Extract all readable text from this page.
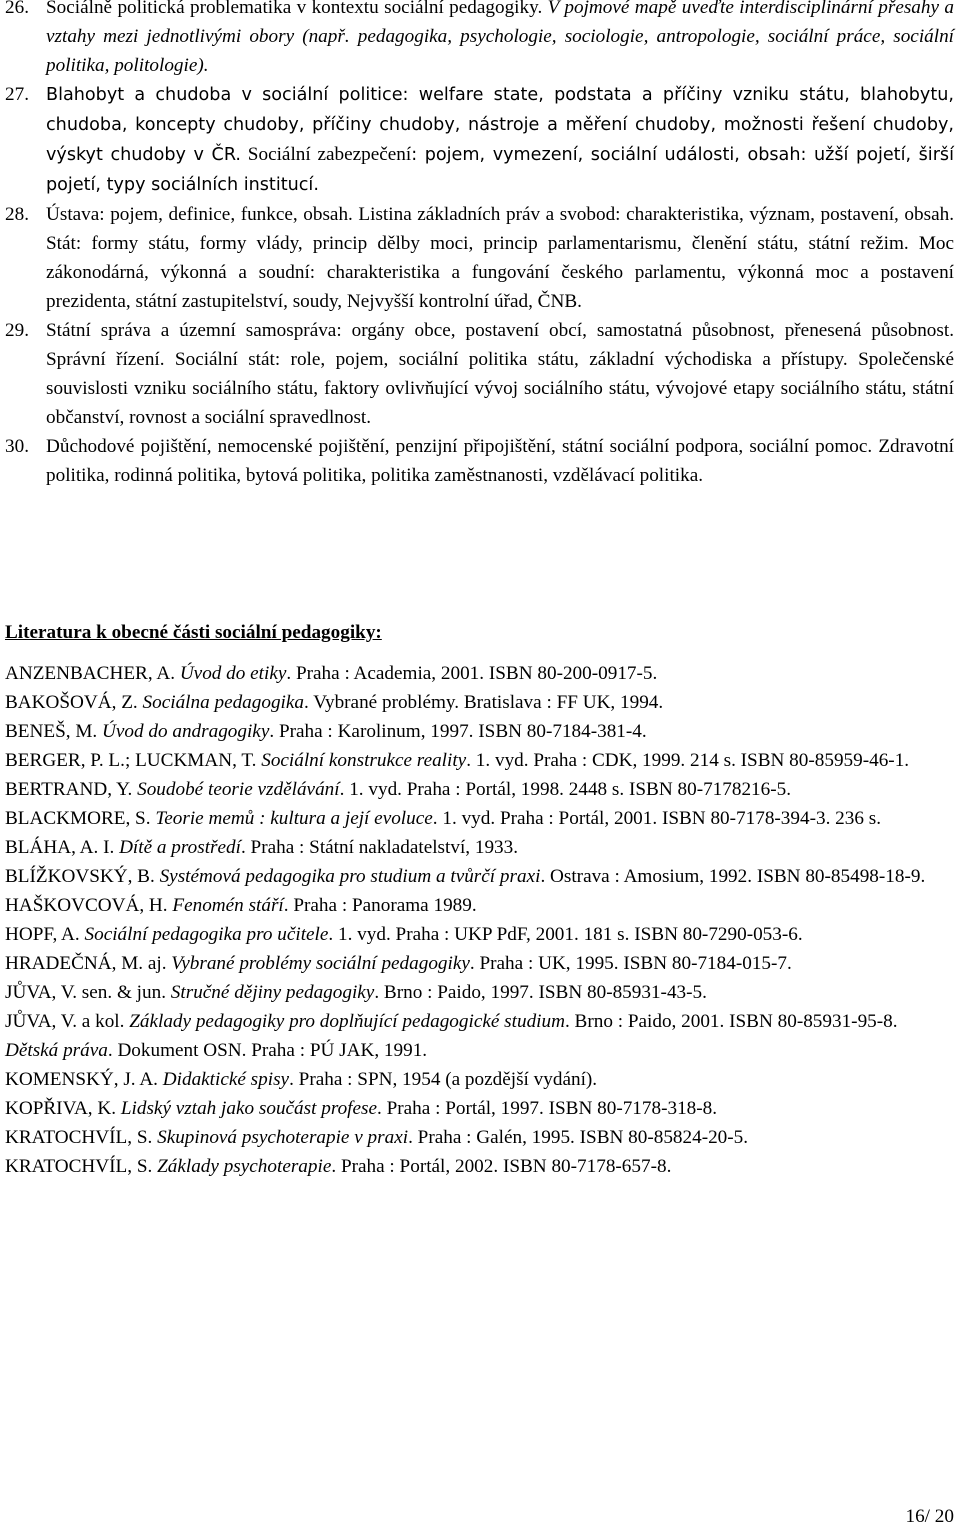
26. Sociálně politická problematika v kontextu sociální pedagogiky. V pojmové mapě uveďte interdisciplinární přesahy a vztahy mezi jednotlivými obory (např. pedagogika, psychologie, sociologie, antropologie, sociální práce, sociální politika, politologie).

27. Blahobyt a chudoba v sociální politice: welfare state, podstata a příčiny vzniku státu, blahobytu, chudoba, koncepty chudoby, příčiny chudoby, nástroje a měření chudoby, možnosti řešení chudoby, výskyt chudoby v ČR. Sociální zabezpečení: pojem, vymezení, sociální události, obsah: užší pojetí, širší pojetí, typy sociálních institucí.

28. Ústava: pojem, definice, funkce, obsah. Listina základních práv a svobod: charakteristika, význam, postavení, obsah. Stát: formy státu, formy vlády, princip dělby moci, princip parlamentarismu, členění státu, státní režim. Moc zákonodárná, výkonná a soudní: charakteristika a fungování českého parlamentu, výkonná moc a postavení prezidenta, státní zastupitelství, soudy, Nejvyšší kontrolní úřad, ČNB.

29. Státní správa a územní samospráva: orgány obce, postavení obcí, samostatná působnost, přenesená působnost. Správní řízení. Sociální stát: role, pojem, sociální politika státu, základní východiska a přístupy. Společenské souvislosti vzniku sociálního státu, faktory ovlivňující vývoj sociálního státu, vývojové etapy sociálního státu, státní občanství, rovnost a sociální spravedlnost.

30. Důchodové pojištění, nemocenské pojištění, penzijní připojištění, státní sociální podpora, sociální pomoc. Zdravotní politika, rodinná politika, bytová politika, politika zaměstnanosti, vzdělávací politika.

Literatura k obecné části sociální pedagogiky:

ANZENBACHER, A. Úvod do etiky. Praha : Academia, 2001. ISBN 80-200-0917-5.
BAKOŠOVÁ, Z. Sociálna pedagogika. Vybrané problémy. Bratislava : FF UK, 1994.
BENEŠ, M. Úvod do andragogiky. Praha : Karolinum, 1997. ISBN 80-7184-381-4.
BERGER, P. L.; LUCKMAN, T. Sociální konstrukce reality. 1. vyd. Praha : CDK, 1999. 214 s. ISBN 80-85959-46-1.
BERTRAND, Y. Soudobé teorie vzdělávání. 1. vyd. Praha : Portál, 1998. 2448 s. ISBN 80-7178216-5.
BLACKMORE, S. Teorie memů : kultura a její evoluce. 1. vyd. Praha : Portál, 2001. ISBN 80-7178-394-3. 236 s.
BLÁHA, A. I. Dítě a prostředí. Praha : Státní nakladatelství, 1933.
BLÍŽKOVSKÝ, B. Systémová pedagogika pro studium a tvůrčí praxi. Ostrava : Amosium, 1992. ISBN 80-85498-18-9.
HAŠKOVCOVÁ, H. Fenomén stáří. Praha : Panorama 1989.
HOPF, A. Sociální pedagogika pro učitele. 1. vyd. Praha : UKP PdF, 2001. 181 s. ISBN 80-7290-053-6.
HRADEČNÁ, M. aj. Vybrané problémy sociální pedagogiky. Praha : UK, 1995. ISBN 80-7184-015-7.
JŮVA, V. sen. & jun. Stručné dějiny pedagogiky. Brno : Paido, 1997. ISBN 80-85931-43-5.
JŮVA, V. a kol. Základy pedagogiky pro doplňující pedagogické studium. Brno : Paido, 2001. ISBN 80-85931-95-8.
Dětská práva. Dokument OSN. Praha : PÚ JAK, 1991.
KOMENSKÝ, J. A. Didaktické spisy. Praha : SPN, 1954 (a pozdější vydání).
KOPŘIVA, K. Lidský vztah jako součást profese. Praha : Portál, 1997. ISBN 80-7178-318-8.
KRATOCHVÍL, S. Skupinová psychoterapie v praxi. Praha : Galén, 1995. ISBN 80-85824-20-5.
KRATOCHVÍL, S. Základy psychoterapie. Praha : Portál, 2002. ISBN 80-7178-657-8.

16/ 20
